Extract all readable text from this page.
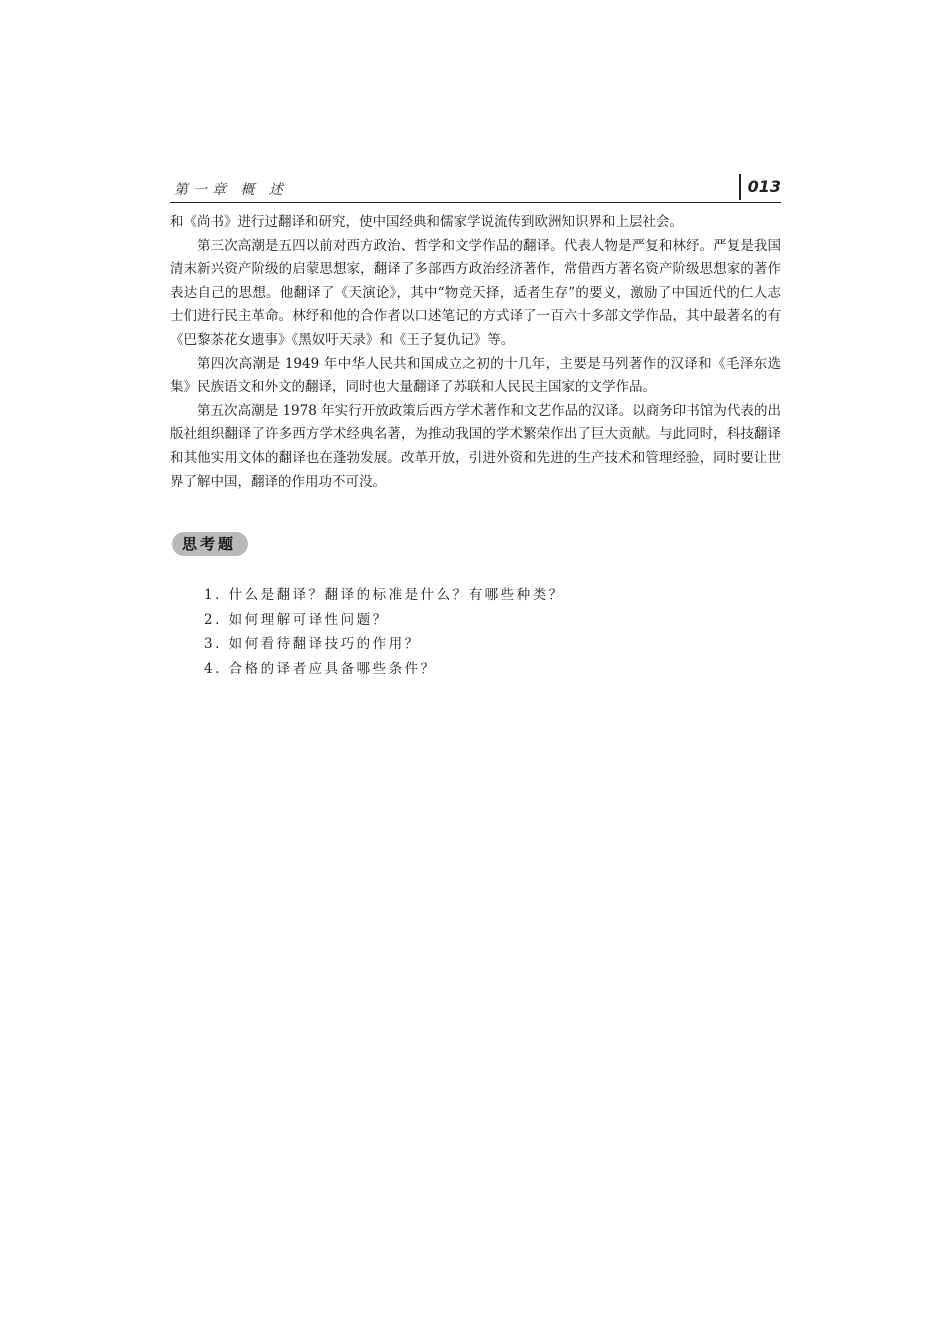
第一章 概 述	013

和《尚书》进行过翻译和研究，使中国经典和儒家学说流传到欧洲知识界和上层社会。

第三次高潮是五四以前对西方政治、哲学和文学作品的翻译。代表人物是严复和林纾。严复是我国清末新兴资产阶级的启蒙思想家，翻译了多部西方政治经济著作，常借西方著名资产阶级思想家的著作表达自己的思想。他翻译了《天演论》，其中“物竞天择，适者生存”的要义，激励了中国近代的仁人志士们进行民主革命。林纾和他的合作者以口述笔记的方式译了一百六十多部文学作品，其中最著名的有《巴黎茶花女遗事》《黑奴吁天录》和《王子复仇记》等。

第四次高潮是 1949 年中华人民共和国成立之初的十几年，主要是马列著作的汉译和《毛泽东选集》民族语文和外文的翻译，同时也大量翻译了苏联和人民民主国家的文学作品。

第五次高潮是 1978 年实行开放政策后西方学术著作和文艺作品的汉译。以商务印书馆为代表的出版社组织翻译了许多西方学术经典名著，为推动我国的学术繁荣作出了巨大贡献。与此同时，科技翻译和其他实用文体的翻译也在蓬勃发展。改革开放，引进外资和先进的生产技术和管理经验，同时要让世界了解中国，翻译的作用功不可没。

思考题
1. 什么是翻译？翻译的标准是什么？有哪些种类？
2. 如何理解可译性问题？
3. 如何看待翻译技巧的作用？
4. 合格的译者应具备哪些条件？
